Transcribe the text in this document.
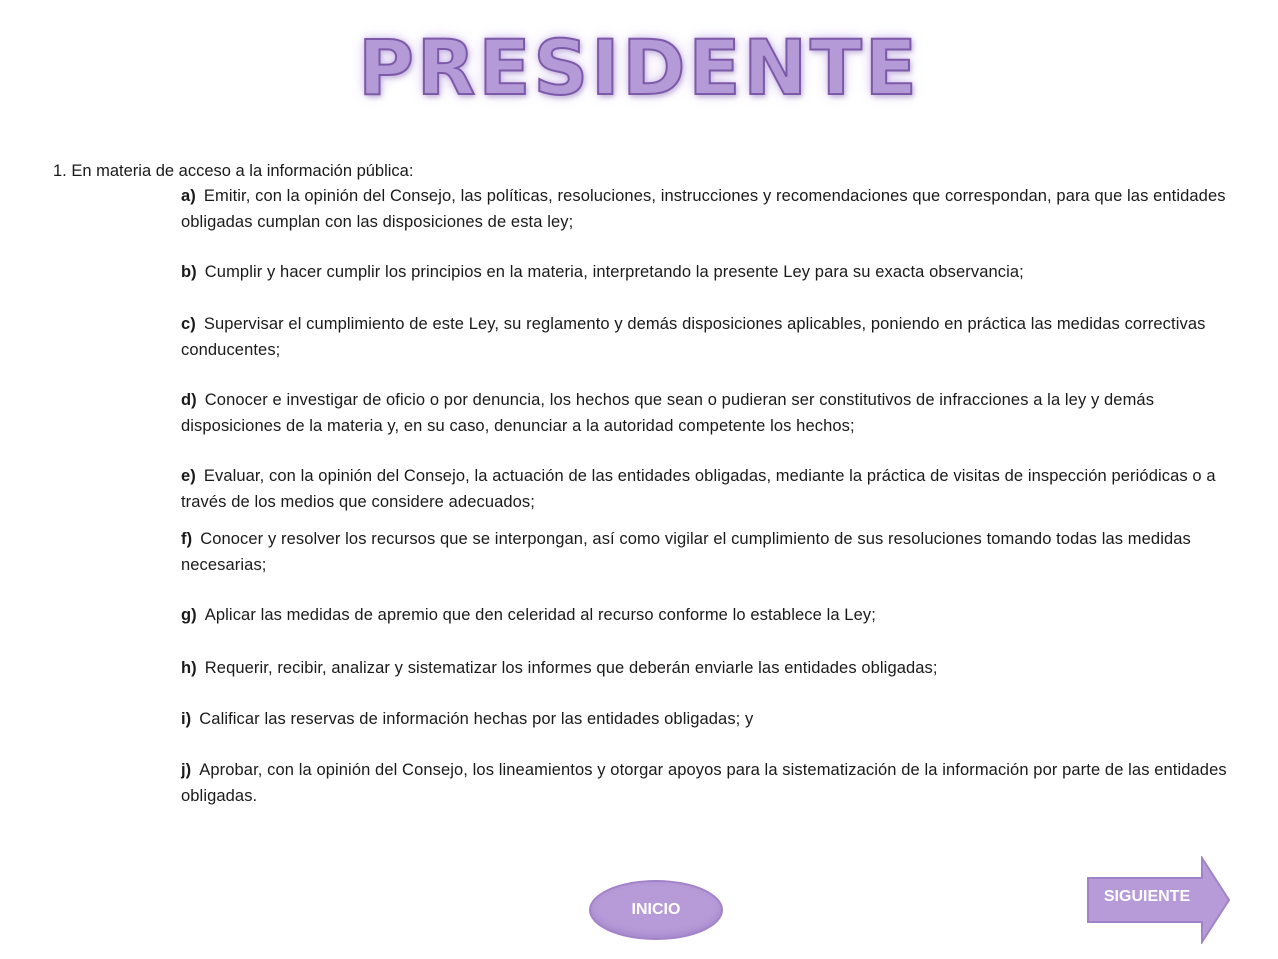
PRESIDENTE
1. En materia de acceso a la información pública:
a) Emitir, con la opinión del Consejo, las políticas, resoluciones, instrucciones y recomendaciones que correspondan, para que las entidades obligadas cumplan con las disposiciones de esta ley;
b) Cumplir y hacer cumplir los principios en la materia, interpretando la presente Ley para su exacta observancia;
c) Supervisar el cumplimiento de este Ley, su reglamento y demás disposiciones aplicables, poniendo en práctica las medidas correctivas conducentes;
d) Conocer e investigar de oficio o por denuncia, los hechos que sean o pudieran ser constitutivos de infracciones a la ley y demás disposiciones de la materia y, en su caso, denunciar a la autoridad competente los hechos;
e) Evaluar, con la opinión del Consejo, la actuación de las entidades obligadas, mediante la práctica de visitas de inspección periódicas o a través de los medios que considere adecuados;
f) Conocer y resolver los recursos que se interpongan, así como vigilar el cumplimiento de sus resoluciones tomando todas las medidas necesarias;
g) Aplicar las medidas de apremio que den celeridad al recurso conforme lo establece la Ley;
h) Requerir, recibir, analizar y sistematizar los informes que deberán enviarle las entidades obligadas;
i) Calificar las reservas de información hechas por las entidades obligadas; y
j) Aprobar, con la opinión del Consejo, los lineamientos y otorgar apoyos para la sistematización de la información por parte de las entidades obligadas.
INICIO
SIGUIENTE
